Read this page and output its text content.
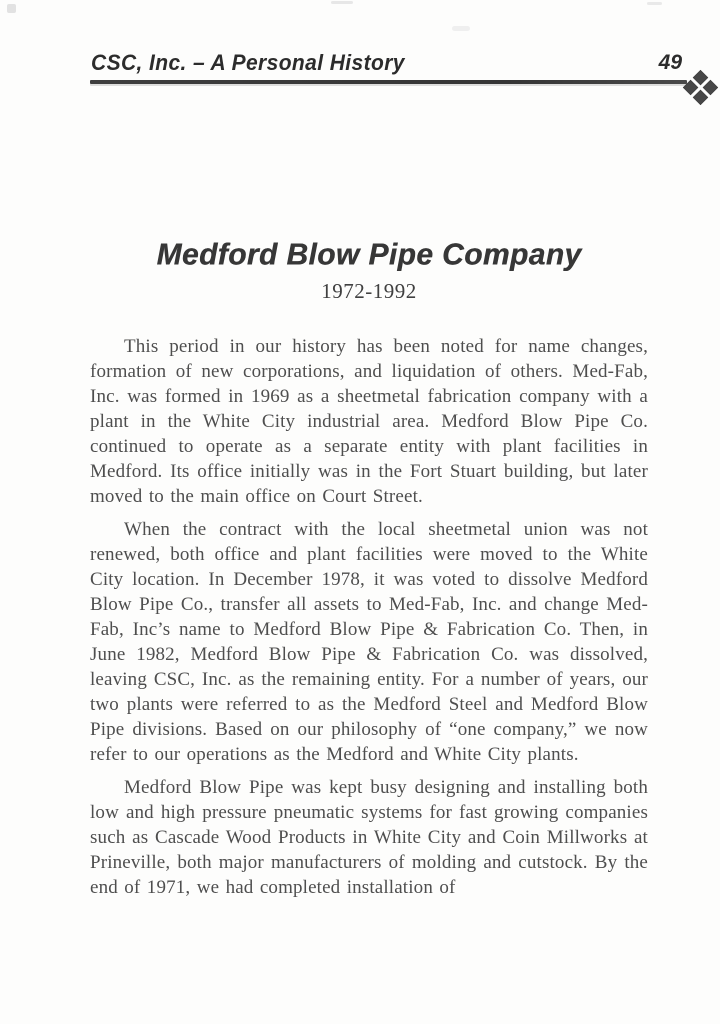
CSC, Inc. – A Personal History	49
Medford Blow Pipe Company
1972-1992

This period in our history has been noted for name changes, formation of new corporations, and liquidation of others. Med-Fab, Inc. was formed in 1969 as a sheetmetal fabrication company with a plant in the White City industrial area. Medford Blow Pipe Co. continued to operate as a separate entity with plant facilities in Medford. Its office initially was in the Fort Stuart building, but later moved to the main office on Court Street.

When the contract with the local sheetmetal union was not renewed, both office and plant facilities were moved to the White City location. In December 1978, it was voted to dissolve Medford Blow Pipe Co., transfer all assets to Med-Fab, Inc. and change Med-Fab, Inc’s name to Medford Blow Pipe & Fabrication Co. Then, in June 1982, Medford Blow Pipe & Fabrication Co. was dissolved, leaving CSC, Inc. as the remaining entity. For a number of years, our two plants were referred to as the Medford Steel and Medford Blow Pipe divisions. Based on our philosophy of “one company,” we now refer to our operations as the Medford and White City plants.

Medford Blow Pipe was kept busy designing and installing both low and high pressure pneumatic systems for fast growing companies such as Cascade Wood Products in White City and Coin Millworks at Prineville, both major manufacturers of molding and cutstock. By the end of 1971, we had completed installation of
